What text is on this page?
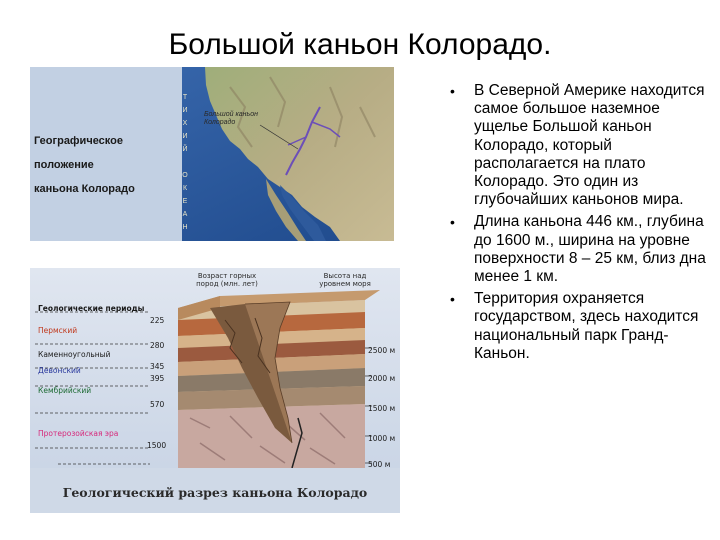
Большой каньон Колорадо.
Географическое положение
каньона Колорадо
Т
И
Х
И
Й

О
К
Е
А
Н
Большой каньон Колорадо
Геологические периоды
Возраст горных пород (млн. лет)
Высота над уровнем моря
Пермский
Каменноугольный
Девонский
Кембрийский
Протерозойская эра
225
280
345
395
570
1500
2500 м
2000 м
1500 м
1000 м
500 м
Геологический разрез каньона Колорадо
• В Северной Америке находится самое большое наземное ущелье Большой каньон Колорадо, который располагается на плато Колорадо. Это один из глубочайших каньонов мира.
• Длина каньона 446 км., глубина до 1600 м., ширина на уровне поверхности 8 – 25 км, близ дна менее 1 км.
• Территория охраняется государством, здесь находится национальный парк Гранд-Каньон.
